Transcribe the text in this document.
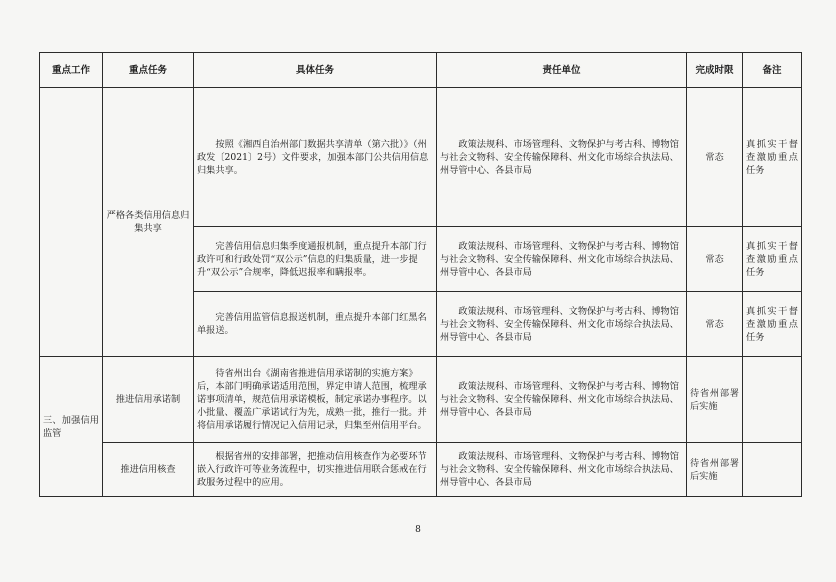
重点工作	重点任务	具体任务	责任单位	完成时限	备注
	严格各类信用信息归集共享	按照《湘西自治州部门数据共享清单（第六批）》（州政发〔2021〕2号）文件要求，加强本部门公共信用信息归集共享。	政策法规科、市场管理科、文物保护与考古科、博物馆与社会文物科、安全传输保障科、州文化市场综合执法局、州导管中心、各县市局	常态	真抓实干督查激励重点任务
		完善信用信息归集季度通报机制，重点提升本部门行政许可和行政处罚“双公示”信息的归集质量，进一步提升“双公示”合规率，降低迟报率和瞒报率。	政策法规科、市场管理科、文物保护与考古科、博物馆与社会文物科、安全传输保障科、州文化市场综合执法局、州导管中心、各县市局	常态	真抓实干督查激励重点任务
		完善信用监管信息报送机制，重点提升本部门红黑名单报送。	政策法规科、市场管理科、文物保护与考古科、博物馆与社会文物科、安全传输保障科、州文化市场综合执法局、州导管中心、各县市局	常态	真抓实干督查激励重点任务
三、加强信用监管	推进信用承诺制	待省州出台《湖南省推进信用承诺制的实施方案》后，本部门明确承诺适用范围，界定申请人范围，梳理承诺事项清单，规范信用承诺模板，制定承诺办事程序。以小批量、覆盖广承诺试行为先，成熟一批，推行一批。并将信用承诺履行情况记入信用记录，归集至州信用平台。	政策法规科、市场管理科、文物保护与考古科、博物馆与社会文物科、安全传输保障科、州文化市场综合执法局、州导管中心、各县市局	待省州部署后实施	
	推进信用核查	根据省州的安排部署，把推动信用核查作为必要环节嵌入行政许可等业务流程中，切实推进信用联合惩戒在行政服务过程中的应用。	政策法规科、市场管理科、文物保护与考古科、博物馆与社会文物科、安全传输保障科、州文化市场综合执法局、州导管中心、各县市局	待省州部署后实施	
8
